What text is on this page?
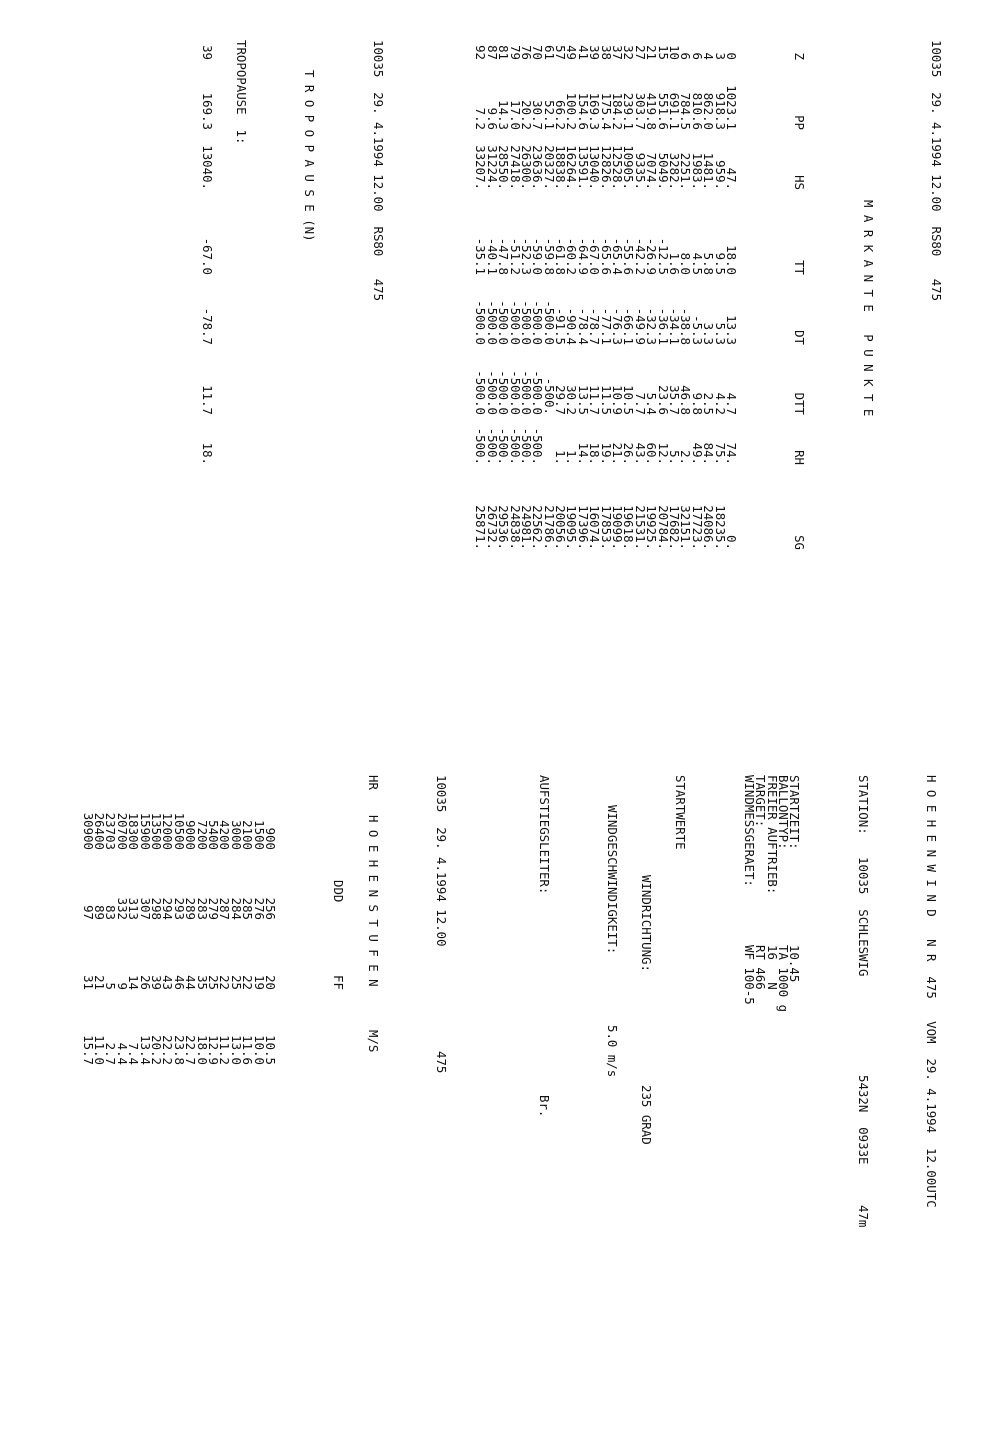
10035  29. 4.1994 12.00  RS80   475

M A R K A N T E   P U N K T E

ZPPHSTTDTDTTRHSG

01023.147.18.013.34.774.0.
3918.3959.9.55.34.275.18235.
4862.01481.5.83.32.584.24086.
6810.61983.4.5-5.39.849.17723.
6784.52251.8.0-38.846.82.32151.
10691.13282.1.6-34.135.75.17682.
15551.65049.-12.5-36.123.612.20784.
21419.87074.-26.9-32.35.460.19925.
27303.79335.-42.2-49.97.743.21531.
32239.110905.-55.6-66.110.526.19618.
37184.212528.-65.4-76.310.921.19099.
38175.412826.-65.6-77.111.519.17853.
39169.313040.-67.0-78.711.718.16074.
41154.613591.-64.9-78.413.514.17396.
49100.216264.-60.2-90.430.21.19095.
5766.218838.-61.8-91.529.71.20056.
6152.120327.-59.8-500.0-500.21786.
7030.723636.-59.0-500.0-500.0-500.22562.
7620.226300.-52.3-500.0-500.0-500.24981.
7917.027418.-51.2-500.0-500.0-500.24838.
8114.328550.-47.8-500.0-500.0-500.29536.
879.631224.-40.1-500.0-500.0-500.26732.
927.233207.-35.1-500.0-500.0-500.25871.

10035  29. 4.1994 12.00  RS80   475

T R O P O P A U S E (N)

TROPOPAUSE  1:

39169.313040.-67.0-78.711.718.

H O E H E N W I N D   N R  475   VOM  29. 4.1994  12.00UTC

STATION:   10035  SCHLESWIG5432N  0933E47m

STARTZEIT:10.45
BALLONTYP:TA 1000 g
FREIER AUFTRIEB:16   N
TARGET:RT 466
WINDMESSGERAET:WF 100-5

STARTWERTE

WINDRICHTUNG:235 GRAD

WINDGESCHWINDIGKEIT:5.0 m/s

AUFSTIEGSLEITER:Br.

10035  29. 4.1994 12.00              475

HRH O E H E N S T U F E NM/S

DDDFF

9002562010.5
15002761910.0
21002852211.6
30002842513.0
42002872211.2
54002792512.9
72002833518.0
90002894422.7
105002934623.8
120002944322.2
135002983920.2
159003072613.4
18300313147.4
2070033294.4
237038352.7
26400892111.0
30900973115.7
